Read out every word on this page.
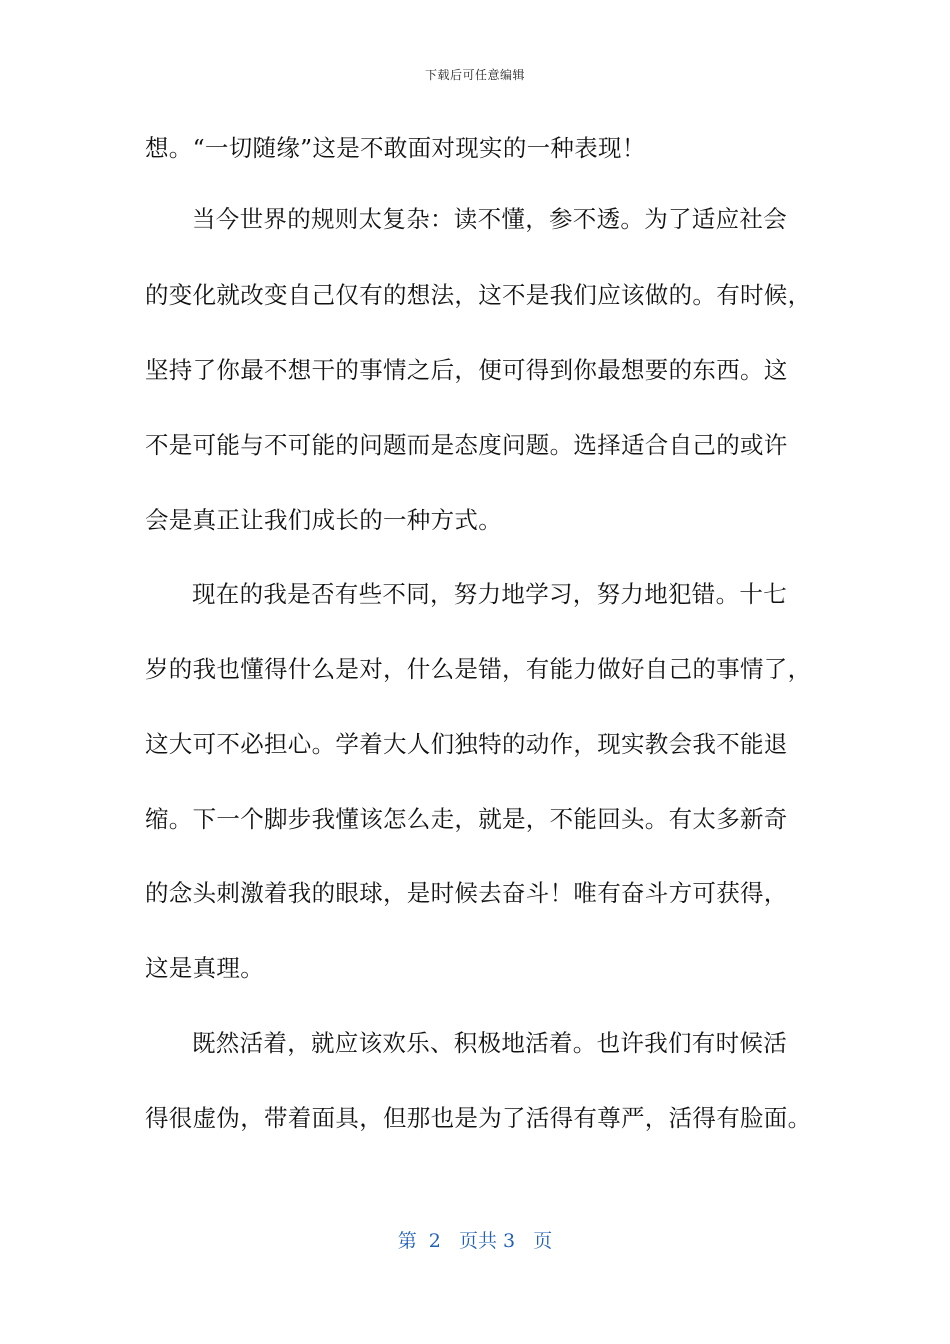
下载后可任意编辑
想。“一切随缘”这是不敢面对现实的一种表现！
当今世界的规则太复杂：读不懂，参不透。为了适应社会
的变化就改变自己仅有的想法，这不是我们应该做的。有时候，
坚持了你最不想干的事情之后，便可得到你最想要的东西。这
不是可能与不可能的问题而是态度问题。选择适合自己的或许
会是真正让我们成长的一种方式。
现在的我是否有些不同，努力地学习，努力地犯错。十七
岁的我也懂得什么是对，什么是错，有能力做好自己的事情了，
这大可不必担心。学着大人们独特的动作，现实教会我不能退
缩。下一个脚步我懂该怎么走，就是，不能回头。有太多新奇
的念头刺激着我的眼球，是时候去奋斗！唯有奋斗方可获得，
这是真理。
既然活着，就应该欢乐、积极地活着。也许我们有时候活
得很虚伪，带着面具，但那也是为了活得有尊严，活得有脸面。
第  2   页共 3   页
